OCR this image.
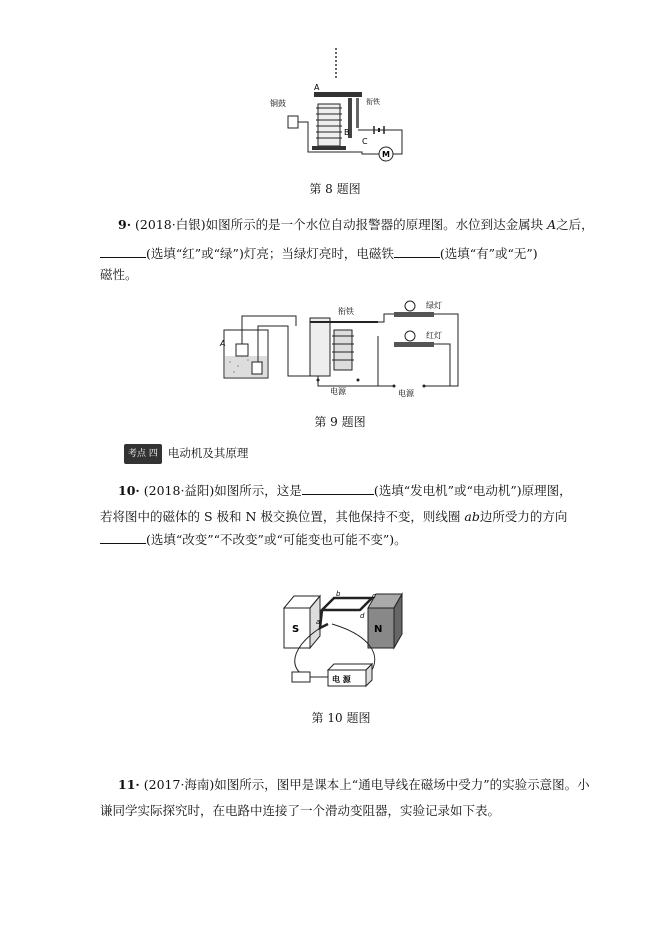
A
铜鼓	衔铁
B
C
M
第 8 题图
9· (2018·白银)如图所示的是一个水位自动报警器的原理图。水位到达金属块 A之后，
(选填“红”或“绿”)灯亮；当绿灯亮时，电磁铁	(选填“有”或“无”)
磁性。
A
衔铁
绿灯
红灯
电源	电源
第 9 题图
考点 四 电动机及其原理
10· (2018·益阳)如图所示，这是	(选填“发电机”或“电动机”)原理图，
若将图中的磁体的 S 极和 N 极交换位置，其他保持不变，则线圈 ab边所受力的方向
(选填“改变”“不改变”或“可能变也可能不变”)。
S	N
b	c
a
d
电 源
第 10 题图
11· (2017·海南)如图所示，图甲是课本上“通电导线在磁场中受力”的实验示意图。小
谦同学实际探究时，在电路中连接了一个滑动变阻器，实验记录如下表。
